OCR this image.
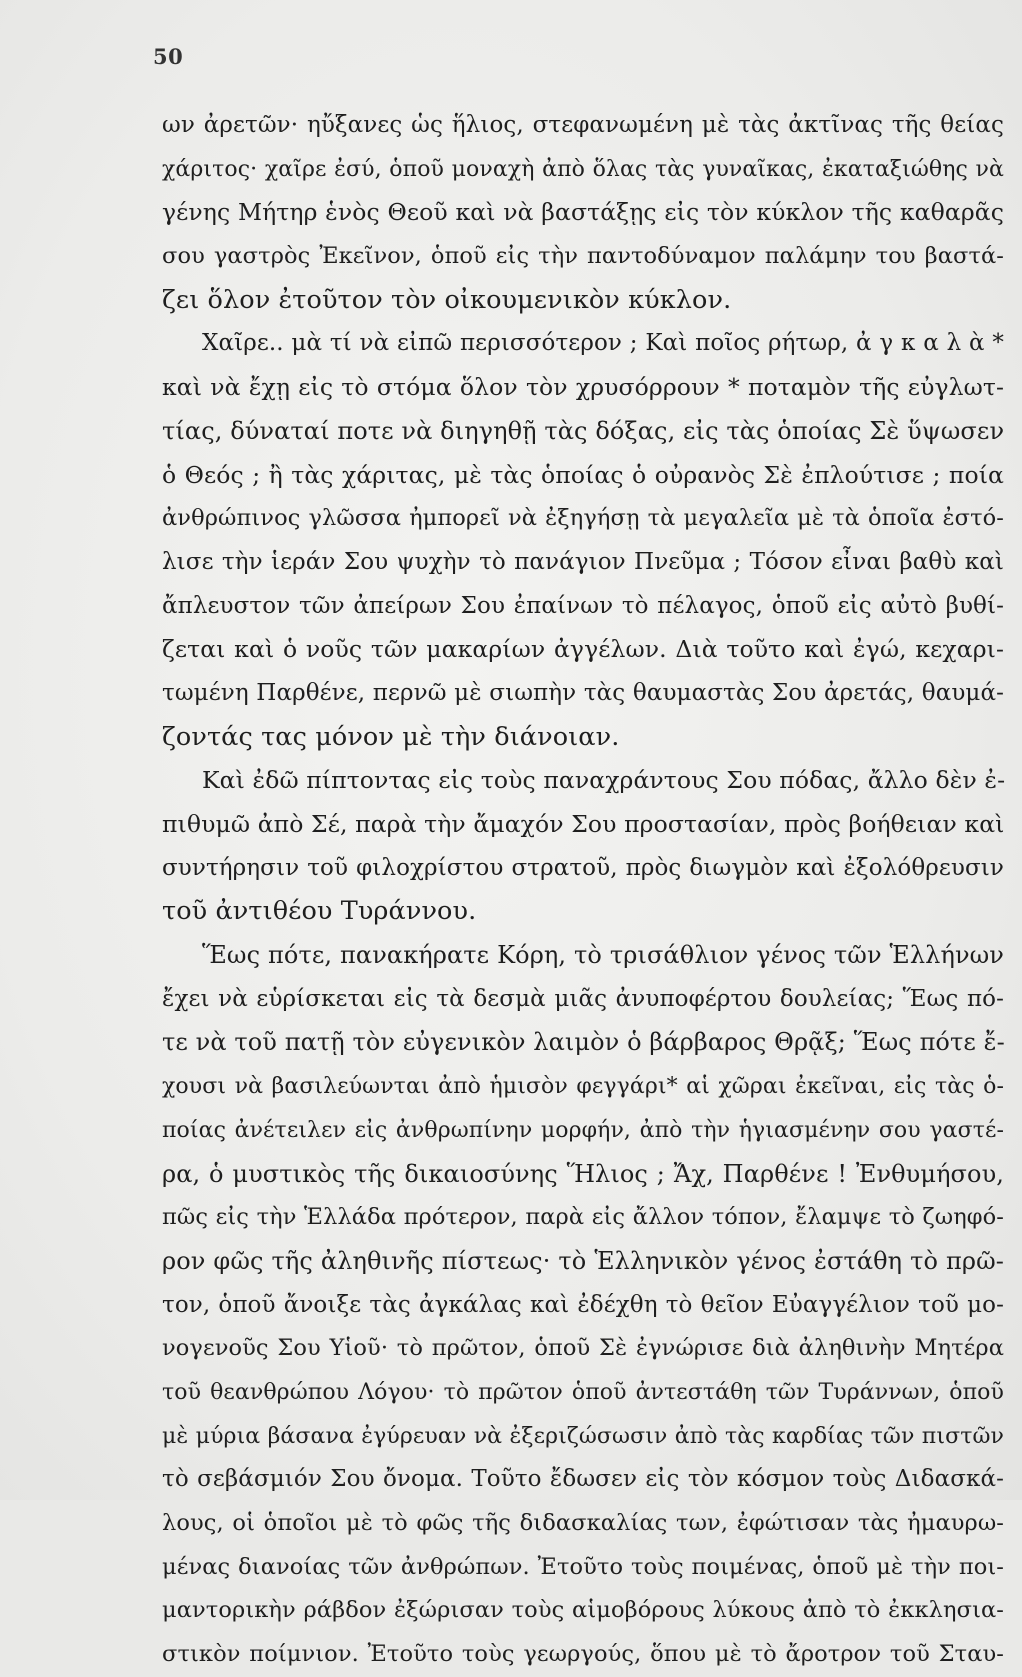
50
ων ἀρετῶν· ηὔξανες ὡς ἥλιος, στεφανωμένη μὲ τὰς ἀκτῖνας τῆς θείας
χάριτος· χαῖρε ἐσύ, ὁποῦ μοναχὴ ἀπὸ ὅλας τὰς γυναῖκας, ἐκαταξιώθης νὰ
γένης Μήτηρ ἑνὸς Θεοῦ καὶ νὰ βαστάξῃς εἰς τὸν κύκλον τῆς καθαρᾶς
σου γαστρὸς Ἐκεῖνον, ὁποῦ εἰς τὴν παντοδύναμον παλάμην του βαστά-
ζει ὅλον ἐτοῦτον τὸν οἰκουμενικὸν κύκλον.
Χαῖρε.. μὰ τί νὰ εἰπῶ περισσότερον ; Καὶ ποῖος ρήτωρ, ἀ γ κ α λ ὰ *
καὶ νὰ ἔχῃ εἰς τὸ στόμα ὅλον τὸν χρυσόρρουν * ποταμὸν τῆς εὐγλωτ-
τίας, δύναταί ποτε νὰ διηγηθῇ τὰς δόξας, εἰς τὰς ὁποίας Σὲ ὕψωσεν
ὁ Θεός ; ἢ τὰς χάριτας, μὲ τὰς ὁποίας ὁ οὐρανὸς Σὲ ἐπλούτισε ; ποία
ἀνθρώπινος γλῶσσα ἠμπορεῖ νὰ ἐξηγήσῃ τὰ μεγαλεῖα μὲ τὰ ὁποῖα ἐστό-
λισε τὴν ἱεράν Σου ψυχὴν τὸ πανάγιον Πνεῦμα ; Τόσον εἶναι βαθὺ καὶ
ἄπλευστον τῶν ἀπείρων Σου ἐπαίνων τὸ πέλαγος, ὁποῦ εἰς αὐτὸ βυθί-
ζεται καὶ ὁ νοῦς τῶν μακαρίων ἀγγέλων. Διὰ τοῦτο καὶ ἐγώ, κεχαρι-
τωμένη Παρθένε, περνῶ μὲ σιωπὴν τὰς θαυμαστὰς Σου ἀρετάς, θαυμά-
ζοντάς τας μόνον μὲ τὴν διάνοιαν.
Καὶ ἐδῶ πίπτοντας εἰς τοὺς παναχράντους Σου πόδας, ἄλλο δὲν ἐ-
πιθυμῶ ἀπὸ Σέ, παρὰ τὴν ἄμαχόν Σου προστασίαν, πρὸς βοήθειαν καὶ
συντήρησιν τοῦ φιλοχρίστου στρατοῦ, πρὸς διωγμὸν καὶ ἐξολόθρευσιν
τοῦ ἀντιθέου Τυράννου.
Ἕως πότε, πανακήρατε Κόρη, τὸ τρισάθλιον γένος τῶν Ἑλλήνων
ἔχει νὰ εὑρίσκεται εἰς τὰ δεσμὰ μιᾶς ἀνυποφέρτου δουλείας; Ἕως πό-
τε νὰ τοῦ πατῇ τὸν εὐγενικὸν λαιμὸν ὁ βάρβαρος Θρᾷξ; Ἕως πότε ἔ-
χουσι νὰ βασιλεύωνται ἀπὸ ἡμισὸν φεγγάρι* αἱ χῶραι ἐκεῖναι, εἰς τὰς ὁ-
ποίας ἀνέτειλεν εἰς ἀνθρωπίνην μορφήν, ἀπὸ τὴν ἡγιασμένην σου γαστέ-
ρα, ὁ μυστικὸς τῆς δικαιοσύνης Ἥλιος ; Ἄχ, Παρθένε ! Ἐνθυμήσου,
πῶς εἰς τὴν Ἑλλάδα πρότερον, παρὰ εἰς ἄλλον τόπον, ἔλαμψε τὸ ζωηφό-
ρον φῶς τῆς ἀληθινῆς πίστεως· τὸ Ἑλληνικὸν γένος ἐστάθη τὸ πρῶ-
τον, ὁποῦ ἄνοιξε τὰς ἀγκάλας καὶ ἐδέχθη τὸ θεῖον Εὐαγγέλιον τοῦ μο-
νογενοῦς Σου Υἱοῦ· τὸ πρῶτον, ὁποῦ Σὲ ἐγνώρισε διὰ ἀληθινὴν Μητέρα
τοῦ θεανθρώπου Λόγου· τὸ πρῶτον ὁποῦ ἀντεστάθη τῶν Τυράννων, ὁποῦ
μὲ μύρια βάσανα ἐγύρευαν νὰ ἐξεριζώσωσιν ἀπὸ τὰς καρδίας τῶν πιστῶν
τὸ σεβάσμιόν Σου ὄνομα. Τοῦτο ἔδωσεν εἰς τὸν κόσμον τοὺς Διδασκά-
λους, οἱ ὁποῖοι μὲ τὸ φῶς τῆς διδασκαλίας των, ἐφώτισαν τὰς ἠμαυρω-
μένας διανοίας τῶν ἀνθρώπων. Ἐτοῦτο τοὺς ποιμένας, ὁποῦ μὲ τὴν ποι-
μαντορικὴν ράβδον ἐξώρισαν τοὺς αἱμοβόρους λύκους ἀπὸ τὸ ἐκκλησια-
στικὸν ποίμνιον. Ἐτοῦτο τοὺς γεωργούς, ὅπου μὲ τὸ ἄροτρον τοῦ Σταυ-
